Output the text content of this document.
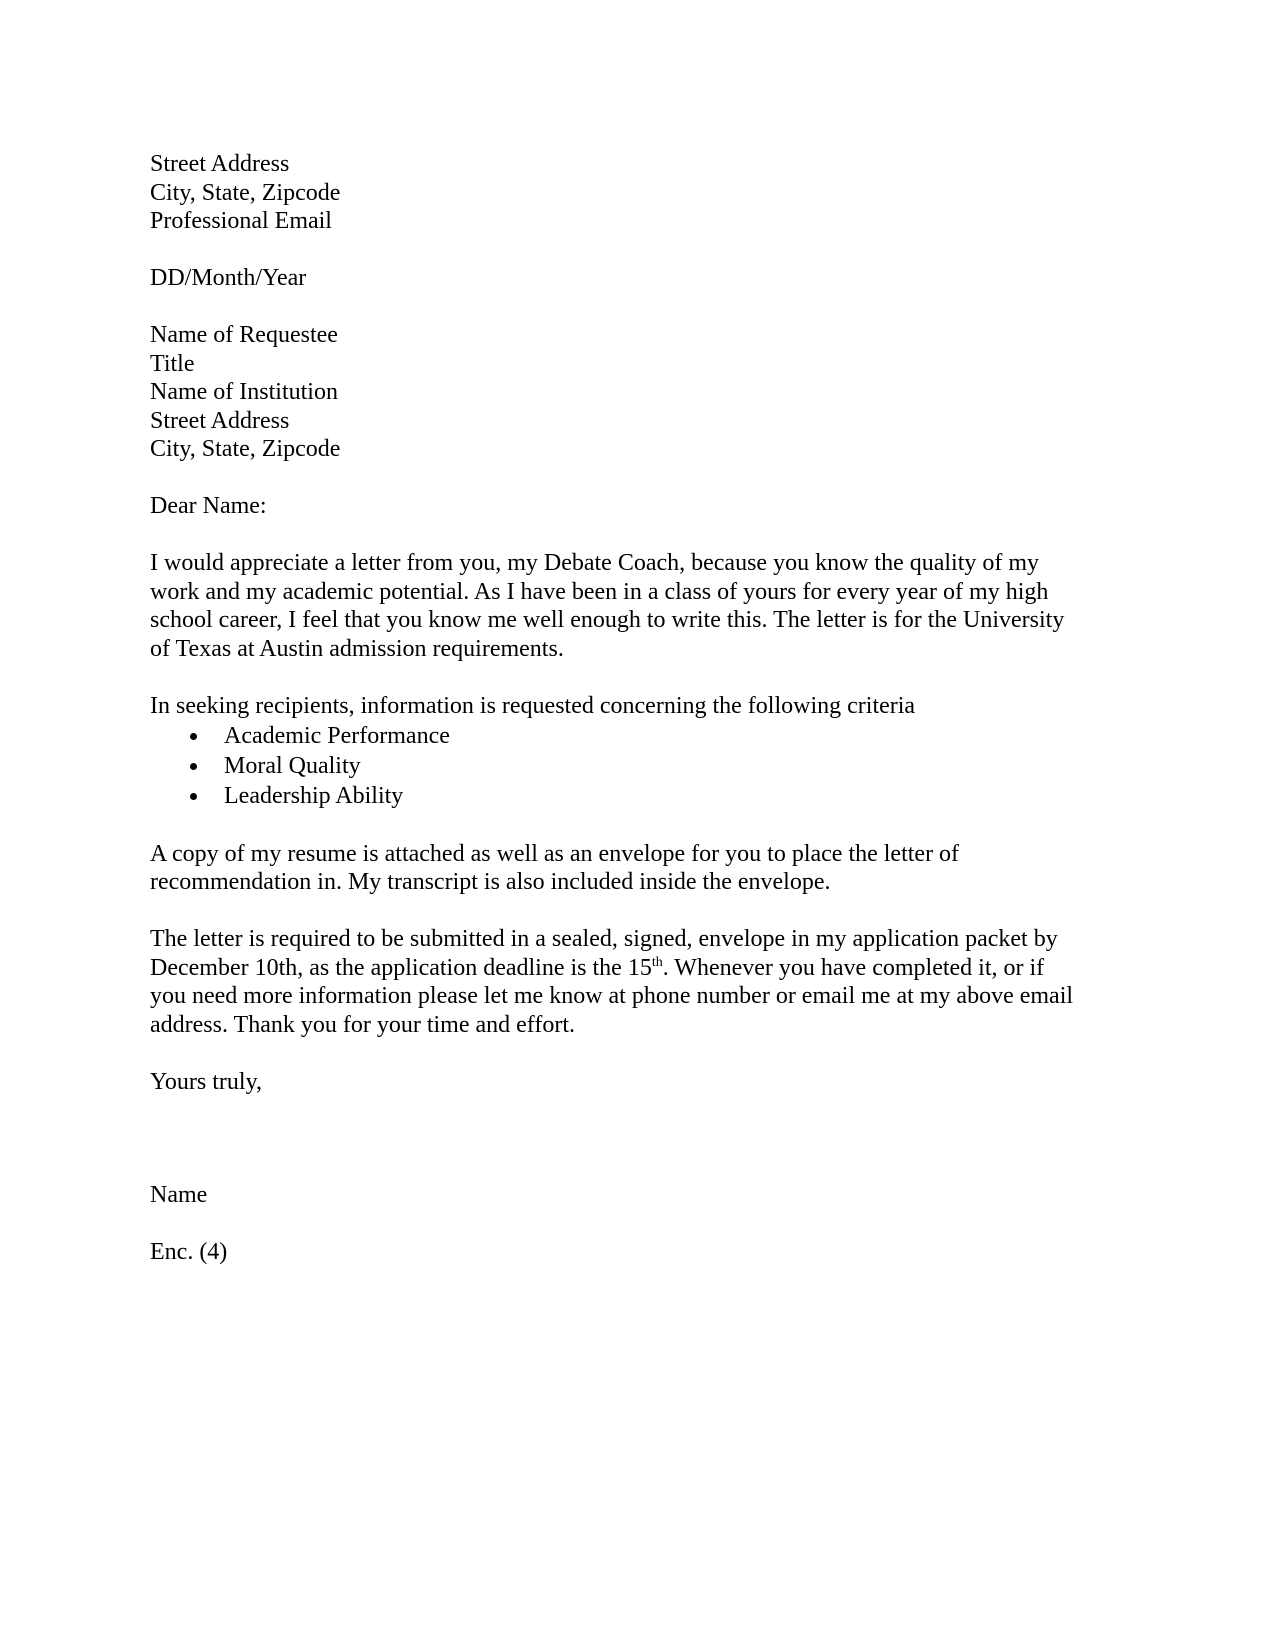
Street Address
City, State, Zipcode
Professional Email
DD/Month/Year
Name of Requestee
Title
Name of Institution
Street Address
City, State, Zipcode
Dear Name:

I would appreciate a letter from you, my Debate Coach, because you know the quality of my
work and my academic potential. As I have been in a class of yours for every year of my high
school career, I feel that you know me well enough to write this. The letter is for the University
of Texas at Austin admission requirements.

In seeking recipients, information is requested concerning the following criteria
Academic Performance
Moral Quality
Leadership Ability

A copy of my resume is attached as well as an envelope for you to place the letter of
recommendation in. My transcript is also included inside the envelope.

The letter is required to be submitted in a sealed, signed, envelope in my application packet by
December 10th, as the application deadline is the 15th. Whenever you have completed it, or if
you need more information please let me know at phone number or email me at my above email
address. Thank you for your time and effort.

Yours truly,
Name
Enc. (4)
